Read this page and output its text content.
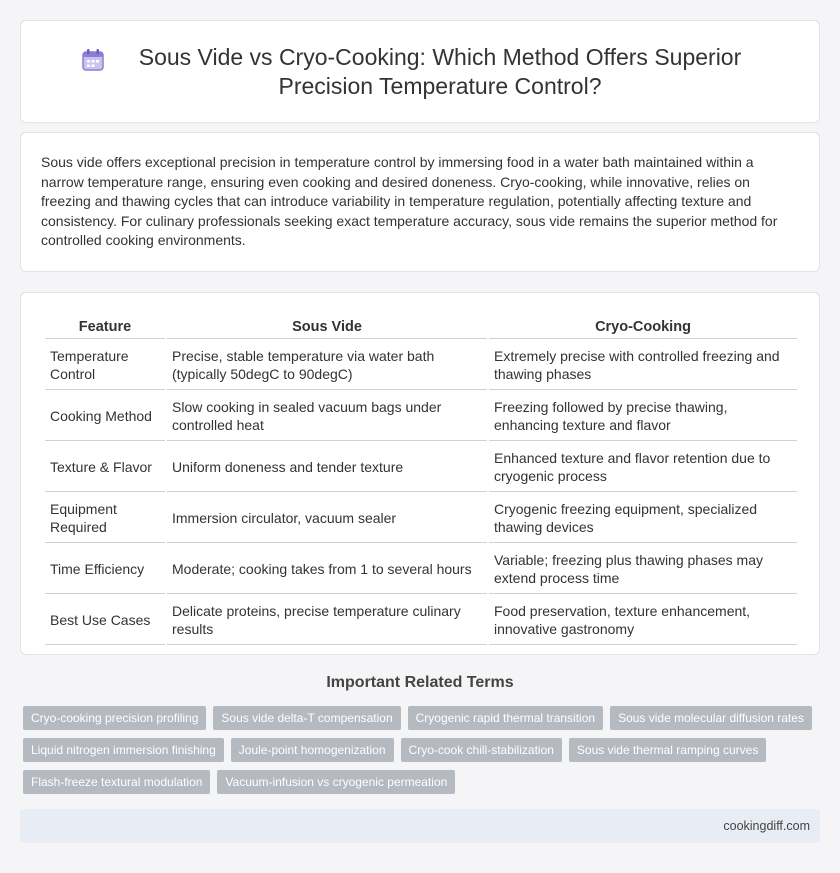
Sous Vide vs Cryo-Cooking: Which Method Offers Superior Precision Temperature Control?

Sous vide offers exceptional precision in temperature control by immersing food in a water bath maintained within a narrow temperature range, ensuring even cooking and desired doneness. Cryo-cooking, while innovative, relies on freezing and thawing cycles that can introduce variability in temperature regulation, potentially affecting texture and consistency. For culinary professionals seeking exact temperature accuracy, sous vide remains the superior method for controlled cooking environments.

Feature	Sous Vide	Cryo-Cooking
Temperature Control	Precise, stable temperature via water bath (typically 50degC to 90degC)	Extremely precise with controlled freezing and thawing phases
Cooking Method	Slow cooking in sealed vacuum bags under controlled heat	Freezing followed by precise thawing, enhancing texture and flavor
Texture & Flavor	Uniform doneness and tender texture	Enhanced texture and flavor retention due to cryogenic process
Equipment Required	Immersion circulator, vacuum sealer	Cryogenic freezing equipment, specialized thawing devices
Time Efficiency	Moderate; cooking takes from 1 to several hours	Variable; freezing plus thawing phases may extend process time
Best Use Cases	Delicate proteins, precise temperature culinary results	Food preservation, texture enhancement, innovative gastronomy
Important Related Terms
Cryo-cooking precision profiling	Sous vide delta-T compensation	Cryogenic rapid thermal transition	Sous vide molecular diffusion rates
Liquid nitrogen immersion finishing	Joule-point homogenization	Cryo-cook chill-stabilization	Sous vide thermal ramping curves
Flash-freeze textural modulation	Vacuum-infusion vs cryogenic permeation
cookingdiff.com
